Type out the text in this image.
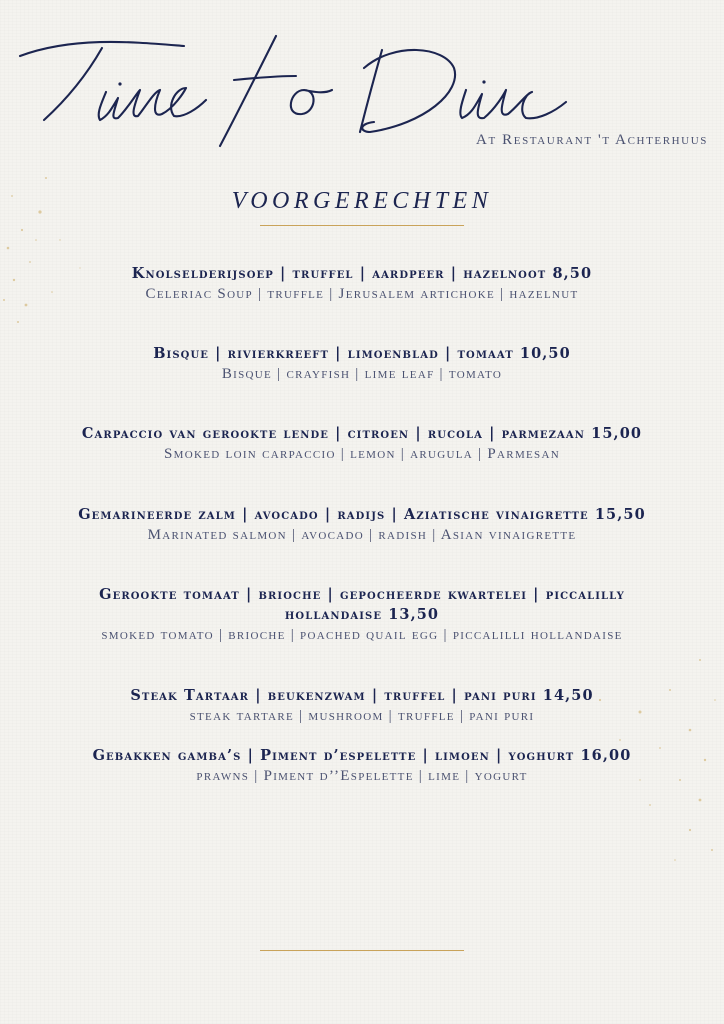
At Restaurant 't Achterhuus
VOORGERECHTEN
Knolselderijsoep | truffel | aardpeer | hazelnoot 8,50
Celeriac Soup | truffle | Jerusalem artichoke | hazelnut
Bisque | rivierkreeft | limoenblad | tomaat 10,50
Bisque | crayfish | lime leaf | tomato
Carpaccio van gerookte lende | citroen | rucola | parmezaan 15,00
Smoked loin carpaccio | lemon | arugula | Parmesan
Gemarineerde zalm | avocado | radijs | Aziatische vinaigrette 15,50
Marinated salmon | avocado | radish | Asian vinaigrette
Gerookte tomaat | brioche | gepocheerde kwartelei | piccalilly hollandaise 13,50
smoked tomato | brioche | poached quail egg | piccalilli hollandaise
Steak Tartaar | beukenzwam | truffel | pani puri 14,50
steak tartare | mushroom | truffle | pani puri
Gebakken gamba’s | Piment d’espelette | limoen | yoghurt 16,00
prawns | Piment d’’Espelette | lime | yogurt
